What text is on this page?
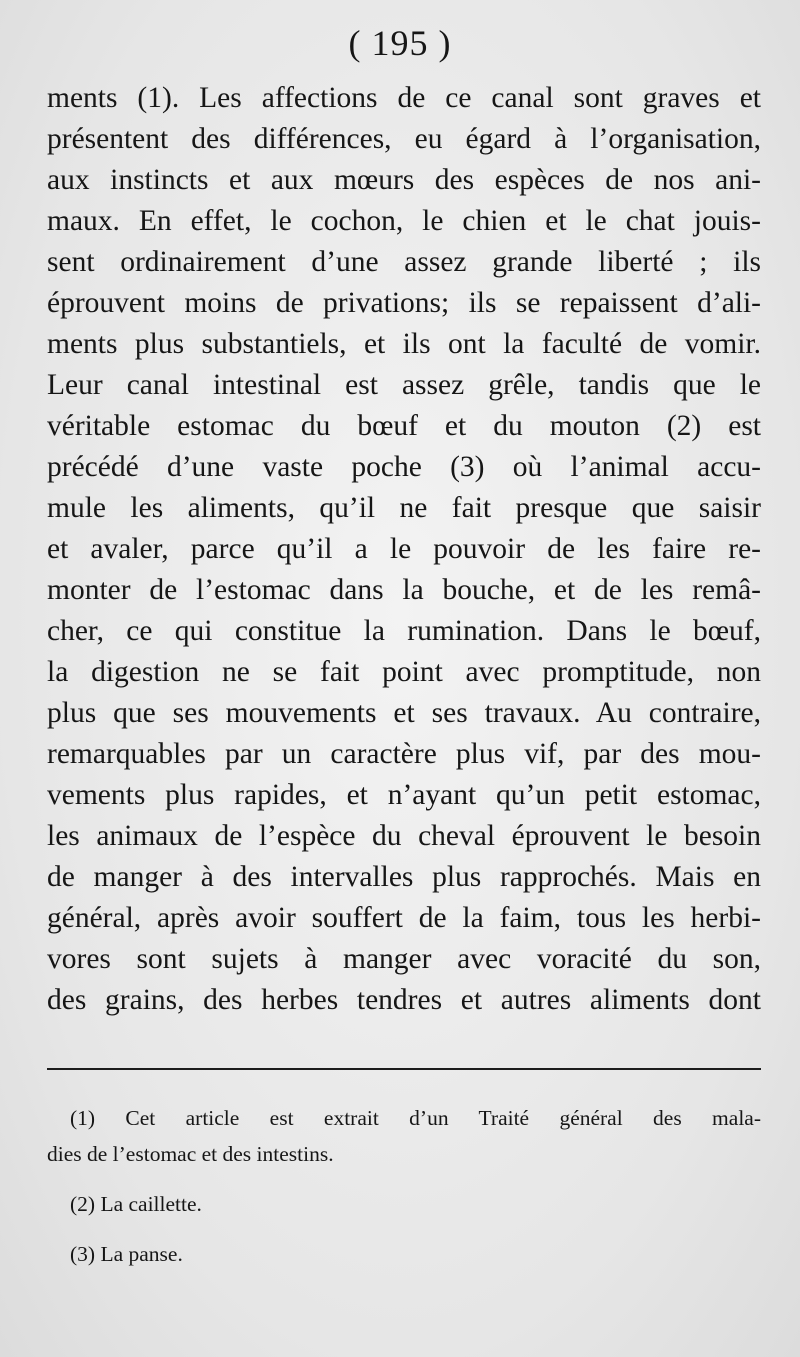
( 195 )
ments (1). Les affections de ce canal sont graves et
présentent des différences, eu égard à l’organisation,
aux instincts et aux mœurs des espèces de nos ani-
maux. En effet, le cochon, le chien et le chat jouis-
sent ordinairement d’une assez grande liberté ; ils
éprouvent moins de privations; ils se repaissent d’ali-
ments plus substantiels, et ils ont la faculté de vomir.
Leur canal intestinal est assez grêle, tandis que le
véritable estomac du bœuf et du mouton (2) est
précédé d’une vaste poche (3) où l’animal accu-
mule les aliments, qu’il ne fait presque que saisir
et avaler, parce qu’il a le pouvoir de les faire re-
monter de l’estomac dans la bouche, et de les remâ-
cher, ce qui constitue la rumination. Dans le bœuf,
la digestion ne se fait point avec promptitude, non
plus que ses mouvements et ses travaux. Au contraire,
remarquables par un caractère plus vif, par des mou-
vements plus rapides, et n’ayant qu’un petit estomac,
les animaux de l’espèce du cheval éprouvent le besoin
de manger à des intervalles plus rapprochés. Mais en
général, après avoir souffert de la faim, tous les herbi-
vores sont sujets à manger avec voracité du son,
des grains, des herbes tendres et autres aliments dont
(1) Cet article est extrait d’un Traité général des mala-
dies de l’estomac et des intestins.
(2) La caillette.
(3) La panse.
